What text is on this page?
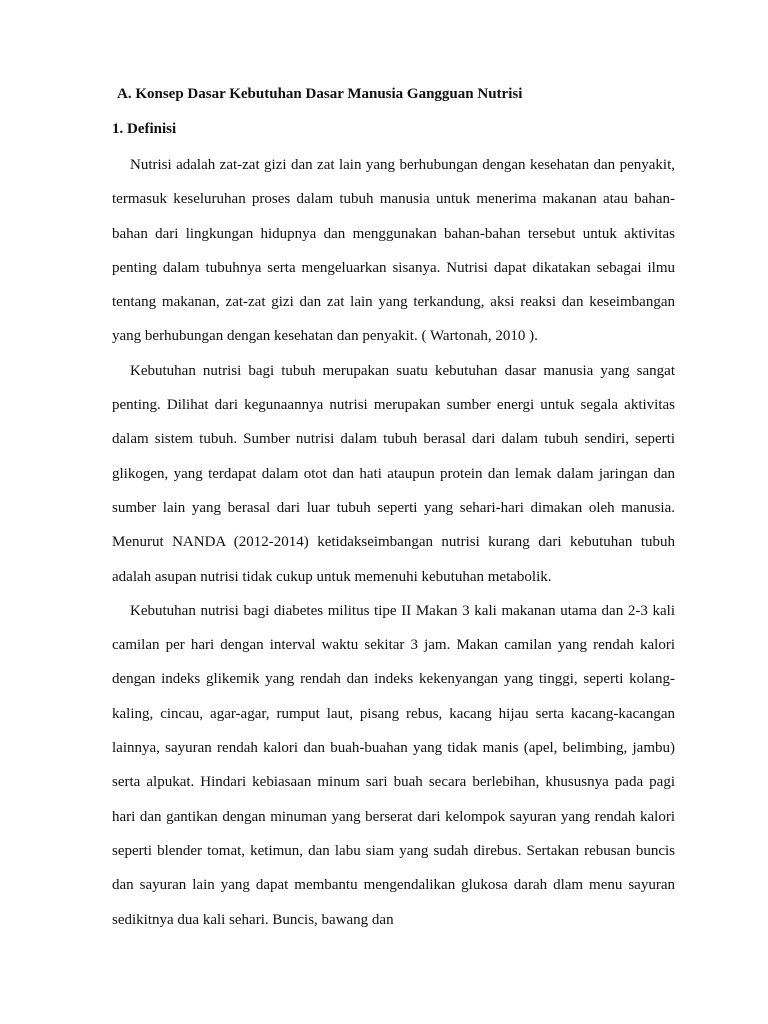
A. Konsep Dasar Kebutuhan Dasar Manusia Gangguan Nutrisi
1. Definisi

Nutrisi adalah zat-zat gizi dan zat lain yang berhubungan dengan kesehatan dan penyakit, termasuk keseluruhan proses dalam tubuh manusia untuk menerima makanan atau bahan-bahan dari lingkungan hidupnya dan menggunakan bahan-bahan tersebut untuk aktivitas penting dalam tubuhnya serta mengeluarkan sisanya. Nutrisi dapat dikatakan sebagai ilmu tentang makanan, zat-zat gizi dan zat lain yang terkandung, aksi reaksi dan keseimbangan yang berhubungan dengan kesehatan dan penyakit. ( Wartonah, 2010 ).

Kebutuhan nutrisi bagi tubuh merupakan suatu kebutuhan dasar manusia yang sangat penting. Dilihat dari kegunaannya nutrisi merupakan sumber energi untuk segala aktivitas dalam sistem tubuh. Sumber nutrisi dalam tubuh berasal dari dalam tubuh sendiri, seperti glikogen, yang terdapat dalam otot dan hati ataupun protein dan lemak dalam jaringan dan sumber lain yang berasal dari luar tubuh seperti yang sehari-hari dimakan oleh manusia. Menurut NANDA (2012-2014) ketidakseimbangan nutrisi kurang dari kebutuhan tubuh adalah asupan nutrisi tidak cukup untuk memenuhi kebutuhan metabolik.

Kebutuhan nutrisi bagi diabetes militus tipe II Makan 3 kali makanan utama dan 2-3 kali camilan per hari dengan interval waktu sekitar 3 jam. Makan camilan yang rendah kalori dengan indeks glikemik yang rendah dan indeks kekenyangan yang tinggi, seperti kolang-kaling, cincau, agar-agar, rumput laut, pisang rebus, kacang hijau serta kacang-kacangan lainnya, sayuran rendah kalori dan buah-buahan yang tidak manis (apel, belimbing, jambu) serta alpukat. Hindari kebiasaan minum sari buah secara berlebihan, khususnya pada pagi hari dan gantikan dengan minuman yang berserat dari kelompok sayuran yang rendah kalori seperti blender tomat, ketimun, dan labu siam yang sudah direbus. Sertakan rebusan buncis dan sayuran lain yang dapat membantu mengendalikan glukosa darah dlam menu sayuran sedikitnya dua kali sehari. Buncis, bawang dan
